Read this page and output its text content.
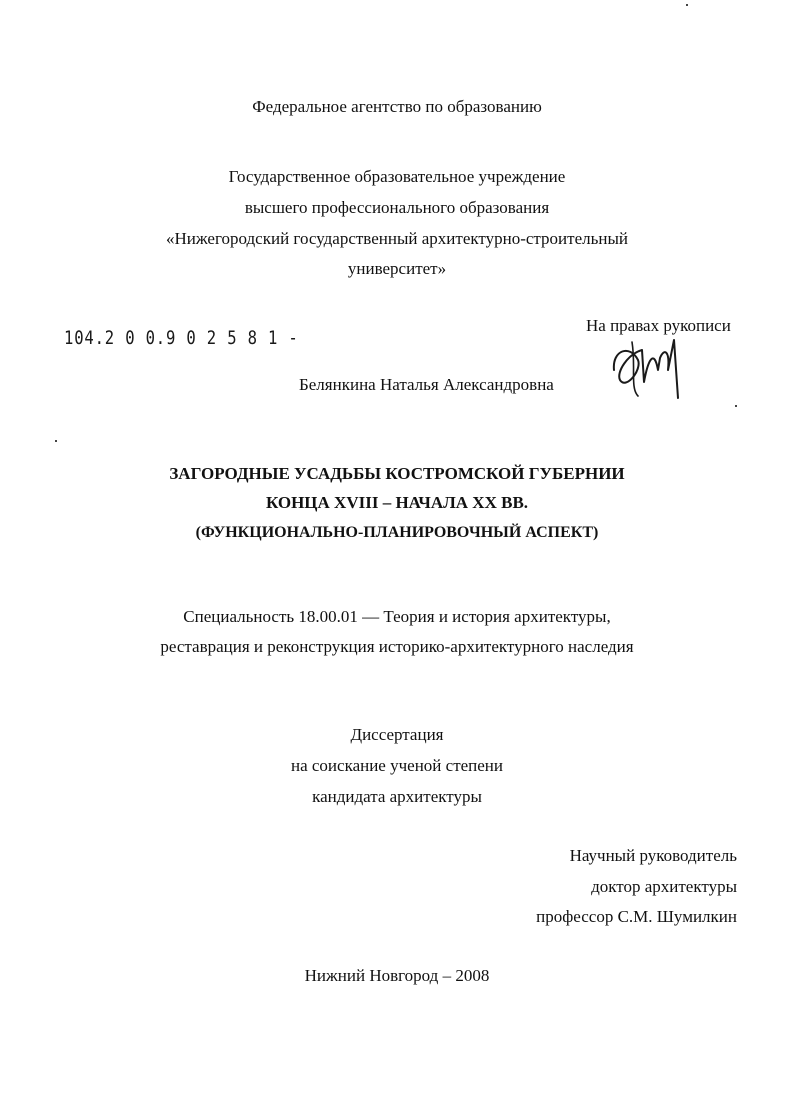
Федеральное агентство по образованию
Государственное образовательное учреждение
высшего профессионального образования
«Нижегородский государственный архитектурно-строительный
университет»
104.2 0 0.9 0 2 5 8 1 -
На правах рукописи
Белянкина Наталья Александровна
ЗАГОРОДНЫЕ УСАДЬБЫ КОСТРОМСКОЙ ГУБЕРНИИ
КОНЦА XVIII – НАЧАЛА XX ВВ.
(ФУНКЦИОНАЛЬНО-ПЛАНИРОВОЧНЫЙ АСПЕКТ)
Специальность 18.00.01 — Теория и история архитектуры,
реставрация и реконструкция историко-архитектурного наследия
Диссертация
на соискание ученой степени
кандидата архитектуры
Научный руководитель
доктор архитектуры
профессор С.М. Шумилкин
Нижний Новгород – 2008
